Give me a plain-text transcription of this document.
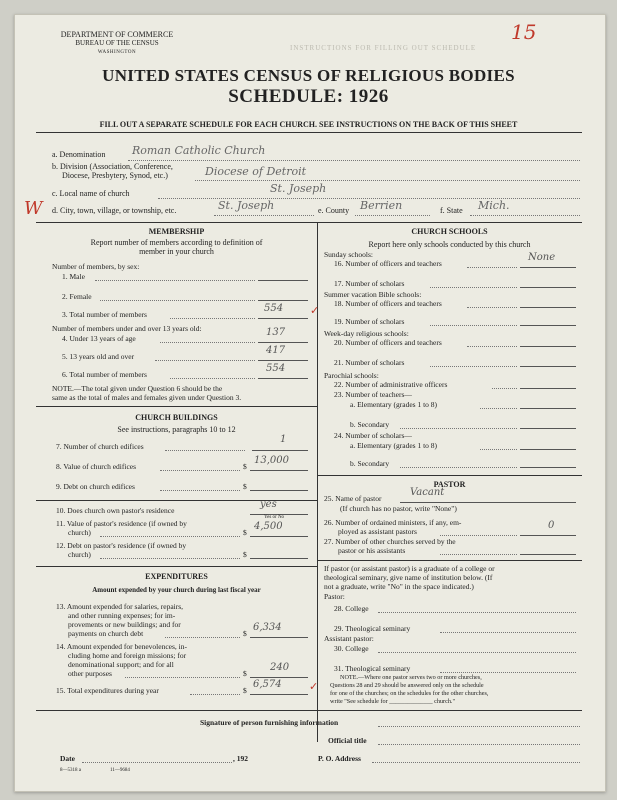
15
DEPARTMENT OF COMMERCE
BUREAU OF THE CENSUS
WASHINGTON
INSTRUCTIONS FOR FILLING OUT SCHEDULE
UNITED STATES CENSUS OF RELIGIOUS BODIES
SCHEDULE: 1926
FILL OUT A SEPARATE SCHEDULE FOR EACH CHURCH. SEE INSTRUCTIONS ON THE BACK OF THIS SHEET
a. Denomination Roman Catholic Church
b. Division (Association, Conference,
Diocese, Presbytery, Synod, etc.)	Diocese of Detroit
c. Local name of church	St. Joseph
W d. City, town, village, or township, etc.	St. Joseph	e. County Berrien	f. State Mich.
MEMBERSHIP
Report number of members according to definition of
member in your church
Number of members, by sex:
1. Male
2. Female
3. Total number of members
554 ✓
Number of members under and over 13 years old:
4. Under 13 years of age
137
5. 13 years old and over
417
6. Total number of members
554
NOTE.—The total given under Question 6 should be the
same as the total of males and females given under Question 3.
CHURCH BUILDINGS
See instructions, paragraphs 10 to 12
7. Number of church edifices
1
8. Value of church edifices	$
13,000
9. Debt on church edifices	$
10. Does church own pastor's residence
yes
Yes or No
11. Value of pastor's residence (if owned by
church)	$
4,500
12. Debt on pastor's residence (if owned by
church)	$
EXPENDITURES
Amount expended by your church during last fiscal year
13. Amount expended for salaries, repairs,
and other running expenses; for im-
provements or new buildings; and for
payments on church debt	$
6,334
14. Amount expended for benevolences, in-
cluding home and foreign missions; for
denominational support; and for all
other purposes	$
240
15. Total expenditures during year	$
6,574 ✓
CHURCH SCHOOLS
Report here only schools conducted by this church
Sunday schools:
16. Number of officers and teachers
None
17. Number of scholars
Summer vacation Bible schools:
18. Number of officers and teachers
19. Number of scholars
Week-day religious schools:
20. Number of officers and teachers
21. Number of scholars
Parochial schools:
22. Number of administrative officers
23. Number of teachers—
a. Elementary (grades 1 to 8)
b. Secondary
24. Number of scholars—
a. Elementary (grades 1 to 8)
b. Secondary
PASTOR
25. Name of pastor
Vacant
(If church has no pastor, write "None")
26. Number of ordained ministers, if any, em-
ployed as assistant pastors
0
27. Number of other churches served by the
pastor or his assistants
If pastor (or assistant pastor) is a graduate of a college or
theological seminary, give name of institution below. (If
not a graduate, write "No" in the space indicated.)
Pastor:
28. College
29. Theological seminary
Assistant pastor:
30. College
31. Theological seminary
NOTE.—Where one pastor serves two or more churches,
Questions 28 and 29 should be answered only on the schedule
for one of the churches; on the schedules for the other churches,
write "See schedule for ______________ church."
Signature of person furnishing information
Official title
Date	, 192	P. O. Address
8—5318 a	11—9684
